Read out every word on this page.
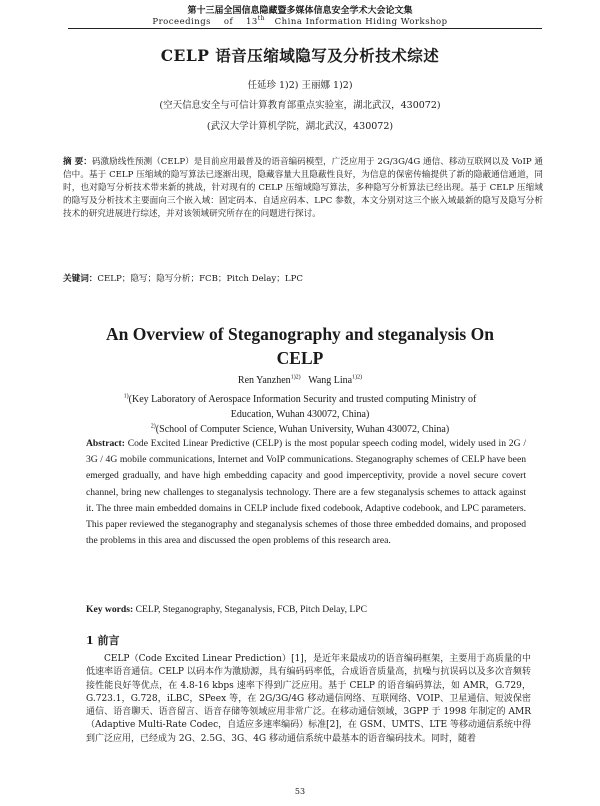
第十三届全国信息隐藏暨多媒体信息安全学术大会论文集
Proceedings of 13th China Information Hiding Workshop
CELP 语音压缩域隐写及分析技术综述
任延珍 1)2) 王丽娜 1)2)
(空天信息安全与可信计算教育部重点实验室，湖北武汉，430072)
(武汉大学计算机学院，湖北武汉，430072)
摘 要：码激励线性预测（CELP）是目前应用最普及的语音编码模型，广泛应用于 2G/3G/4G 通信、移动互联网以及 VoIP 通信中。基于 CELP 压缩域的隐写算法已逐渐出现，隐藏容量大且隐蔽性良好，为信息的保密传输提供了新的隐蔽通信通道，同时，也对隐写分析技术带来新的挑战，针对现有的 CELP 压缩域隐写算法，多种隐写分析算法已经出现。基于 CELP 压缩域的隐写及分析技术主要面向三个嵌入域：固定码本、自适应码本、LPC 参数，本文分别对这三个嵌入域最新的隐写及隐写分析技术的研究进展进行综述，并对该领域研究所存在的问题进行探讨。
关键词：CELP；隐写；隐写分析；FCB；Pitch Delay；LPC
An Overview of Steganography and steganalysis On
CELP
Ren Yanzhen$^{1)2)}$ Wang Lina$^{1)2)}$
$^{1)}$(Key Laboratory of Aerospace Information Security and trusted computing Ministry of
Education, Wuhan 430072, China)
$^{2)}$(School of Computer Science, Wuhan University, Wuhan 430072, China)
Abstract: Code Excited Linear Predictive (CELP) is the most popular speech coding model, widely used in 2G / 3G / 4G mobile communications, Internet and VoIP communications. Steganography schemes of CELP have been emerged gradually, and have high embedding capacity and good imperceptivity, provide a novel secure covert channel, bring new challenges to steganalysis technology. There are a few steganalysis schemes to attack against it. The three main embedded domains in CELP include fixed codebook, Adaptive codebook, and LPC parameters. This paper reviewed the steganography and steganalysis schemes of those three embedded domains, and proposed the problems in this area and discussed the open problems of this research area.
Key words: CELP, Steganography, Steganalysis, FCB, Pitch Delay, LPC
1 前言
CELP（Code Excited Linear Prediction）[1]，是近年来最成功的语音编码框架，主要用于高质量的中低速率语音通信。CELP 以码本作为激励源，具有编码码率低，合成语音质量高，抗噪与抗误码以及多次音频转接性能良好等优点，在 4.8-16 kbps 速率下得到广泛应用。基于 CELP 的语音编码算法，如 AMR，G.729，G.723.1，G.728，iLBC，SPeex 等，在 2G/3G/4G 移动通信网络、互联网络、VOIP、卫星通信、短波保密通信、语音聊天、语音留言、语音存储等领域应用非常广泛。在移动通信领域，3GPP 于 1998 年制定的 AMR（Adaptive Multi-Rate Codec，自适应多速率编码）标准[2]，在 GSM、UMTS、LTE 等移动通信系统中得到广泛应用，已经成为 2G、2.5G、3G、4G 移动通信系统中最基本的语音编码技术。同时，随着
53
